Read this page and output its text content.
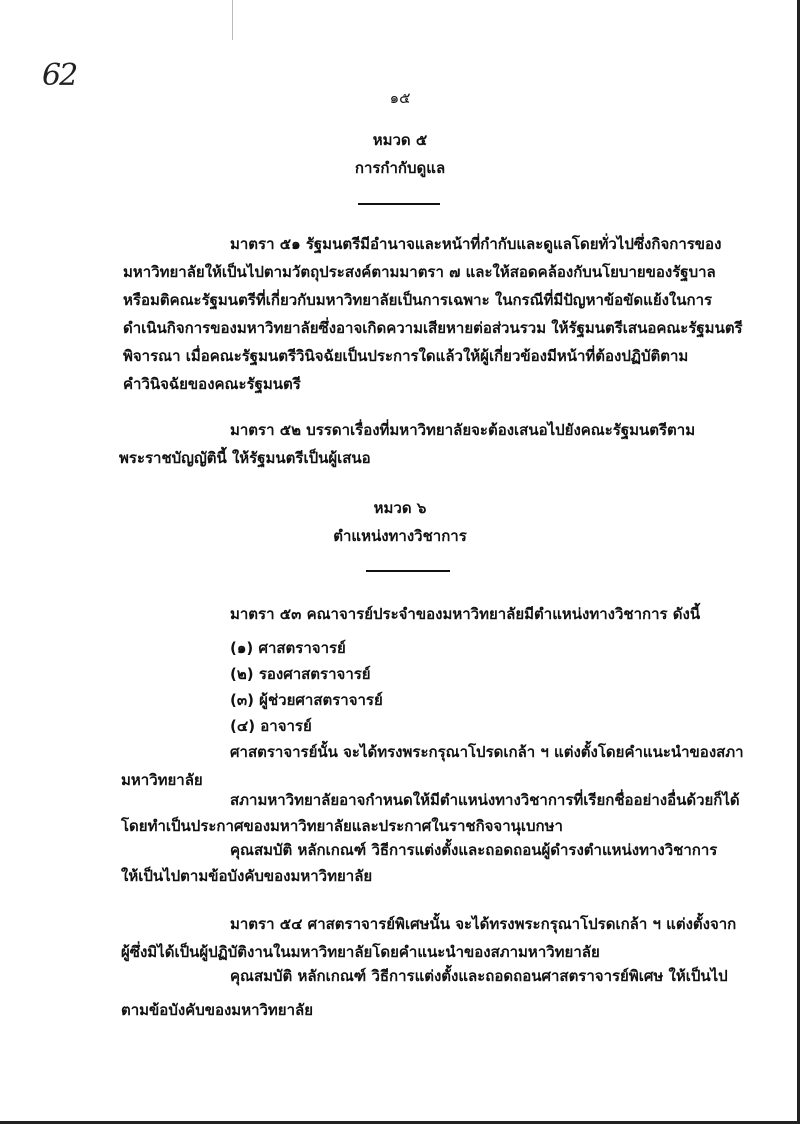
62
๑๕
หมวด ๕
การกำกับดูแล
มาตรา ๕๑ รัฐมนตรีมีอำนาจและหน้าที่กำกับและดูแลโดยทั่วไปซึ่งกิจการของ
มหาวิทยาลัยให้เป็นไปตามวัตถุประสงค์ตามมาตรา ๗ และให้สอดคล้องกับนโยบายของรัฐบาล
หรือมติคณะรัฐมนตรีที่เกี่ยวกับมหาวิทยาลัยเป็นการเฉพาะ ในกรณีที่มีปัญหาข้อขัดแย้งในการ
ดำเนินกิจการของมหาวิทยาลัยซึ่งอาจเกิดความเสียหายต่อส่วนรวม ให้รัฐมนตรีเสนอคณะรัฐมนตรี
พิจารณา เมื่อคณะรัฐมนตรีวินิจฉัยเป็นประการใดแล้วให้ผู้เกี่ยวข้องมีหน้าที่ต้องปฏิบัติตาม
คำวินิจฉัยของคณะรัฐมนตรี
มาตรา ๕๒ บรรดาเรื่องที่มหาวิทยาลัยจะต้องเสนอไปยังคณะรัฐมนตรีตาม
พระราชบัญญัตินี้ ให้รัฐมนตรีเป็นผู้เสนอ
หมวด ๖
ตำแหน่งทางวิชาการ
มาตรา ๕๓ คณาจารย์ประจำของมหาวิทยาลัยมีตำแหน่งทางวิชาการ ดังนี้
(๑) ศาสตราจารย์
(๒) รองศาสตราจารย์
(๓) ผู้ช่วยศาสตราจารย์
(๔) อาจารย์
ศาสตราจารย์นั้น จะได้ทรงพระกรุณาโปรดเกล้า ฯ แต่งตั้งโดยคำแนะนำของสภา
มหาวิทยาลัย
สภามหาวิทยาลัยอาจกำหนดให้มีตำแหน่งทางวิชาการที่เรียกชื่ออย่างอื่นด้วยก็ได้
โดยทำเป็นประกาศของมหาวิทยาลัยและประกาศในราชกิจจานุเบกษา
คุณสมบัติ หลักเกณฑ์ วิธีการแต่งตั้งและถอดถอนผู้ดำรงตำแหน่งทางวิชาการ
ให้เป็นไปตามข้อบังคับของมหาวิทยาลัย
มาตรา ๕๔ ศาสตราจารย์พิเศษนั้น จะได้ทรงพระกรุณาโปรดเกล้า ฯ แต่งตั้งจาก
ผู้ซึ่งมิได้เป็นผู้ปฏิบัติงานในมหาวิทยาลัยโดยคำแนะนำของสภามหาวิทยาลัย
คุณสมบัติ หลักเกณฑ์ วิธีการแต่งตั้งและถอดถอนศาสตราจารย์พิเศษ ให้เป็นไป
ตามข้อบังคับของมหาวิทยาลัย
